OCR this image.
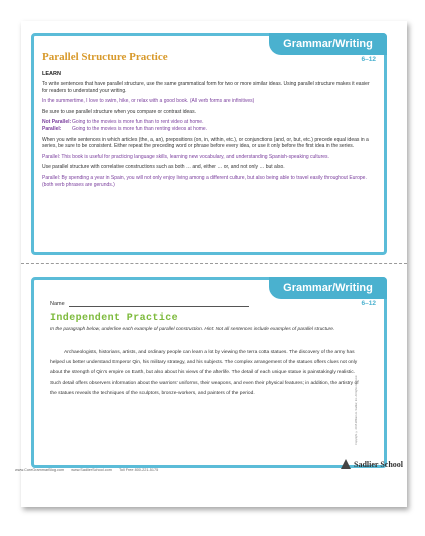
Grammar/Writing
6–12
Parallel Structure Practice
LEARN

To write sentences that have parallel structure, use the same grammatical form for two or more similar ideas. Using parallel structure makes it easier for readers to understand your writing.

In the summertime, I love to swim, hike, or relax with a good book. (All verb forms are infinitives)

Be sure to use parallel structure when you compare or contrast ideas.

Not Parallel: Going to the movies is more fun than to rent video at home.
Parallel:	Going to the movies is more fun than renting videos at home.

When you write sentences in which articles (the, a, an), prepositions (on, in, within, etc.), or conjunctions (and, or, but, etc.) precede equal ideas in a series, be sure to be consistent. Either repeat the preceding word or phrase before every idea, or use it only before the first idea in the series.

Parallel: This book is useful for practicing language skills, learning new vocabulary, and understanding Spanish-speaking cultures.

Use parallel structure with correlative constructions such as both … and, either … or, and not only … but also.

Parallel: By spending a year in Spain, you will not only enjoy living among a different culture, but also being able to travel easily throughout Europe. (both verb phrases are gerunds.)

Grammar/Writing
6–12
Name
Independent Practice
In the paragraph below, underline each example of parallel construction. Hint: Not all sentences include examples of parallel structure.
Archaeologists, historians, artists, and ordinary people can learn a lot by viewing the terra cotta statues. The discovery of the army has helped us better understand Emperor Qin, his military strategy, and his subjects. The complex arrangement of the statues offers clues not only about the strength of Qin's empire on Earth, but also about his views of the afterlife. The detail of each unique statue is painstakingly realistic. Such detail offers observers information about the warriors' uniforms, their weapons, and even their physical features; in addition, the artistry of the statues reveals the techniques of the sculptors, bronze-workers, and painters of the period.	Copyright © 2015 William H. Sadlier, Inc. All rights reserved.
www.CoreGrammarBlog.com www.SadlierSchool.com Toll Free 800-221-5175
Sadlier School
